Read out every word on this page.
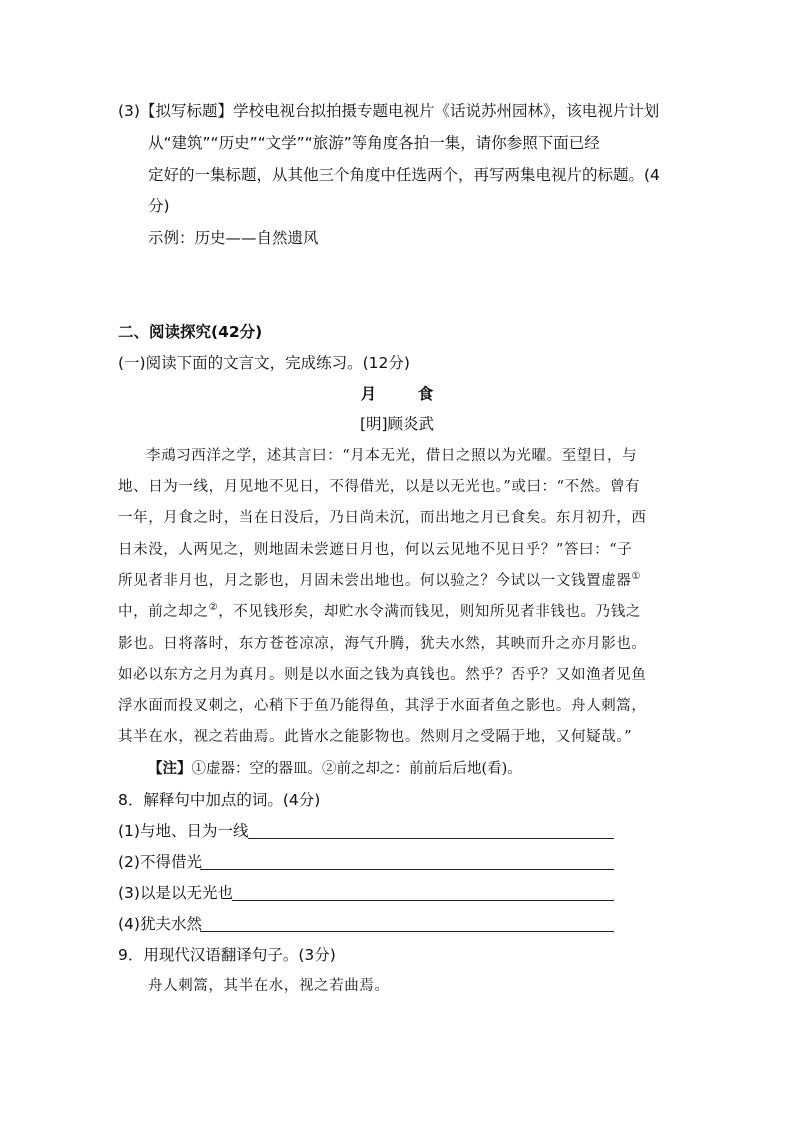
(3)【拟写标题】学校电视台拟拍摄专题电视片《话说苏州园林》，该电视片计划
从“建筑”“历史”“文学”“旅游”等角度各拍一集，请你参照下面已经
定好的一集标题，从其他三个角度中任选两个，再写两集电视片的标题。(4
分)
示例：历史——自然遗风
二、阅读探究(42分)
(一)阅读下面的文言文，完成练习。(12分)
月 食
[明]顾炎武
李䲮习西洋之学，述其言曰：“月本无光，借日之照以为光曜。至望日，与
地、日为一线，月见地不见日，不得借光，以是以无光也。”或曰：“不然。曾有
一年，月食之时，当在日没后，乃日尚未沉，而出地之月已食矣。东月初升，西
日未没，人两见之，则地固未尝遮日月也，何以云见地不见日乎？”答曰：“子
所见者非月也，月之影也，月固未尝出地也。何以验之？今试以一文钱置虚器①
中，前之却之②，不见钱形矣，却贮水令满而钱见，则知所见者非钱也。乃钱之
影也。日将落时，东方苍苍凉凉，海气升腾，犹夫水然，其映而升之亦月影也。
如必以东方之月为真月。则是以水面之钱为真钱也。然乎？否乎？又如渔者见鱼
浮水面而投叉刺之，心稍下于鱼乃能得鱼，其浮于水面者鱼之影也。舟人刺篙，
其半在水，视之若曲焉。此皆水之能影物也。然则月之受隔于地，又何疑哉。”
【注】①虚器：空的器皿。②前之却之：前前后后地(看)。
8．解释句中加点的词。(4分)
(1)与地、日为一线
(2)不得借光
(3)以是以无光也
(4)犹夫水然
9．用现代汉语翻译句子。(3分)
舟人刺篙，其半在水，视之若曲焉。
